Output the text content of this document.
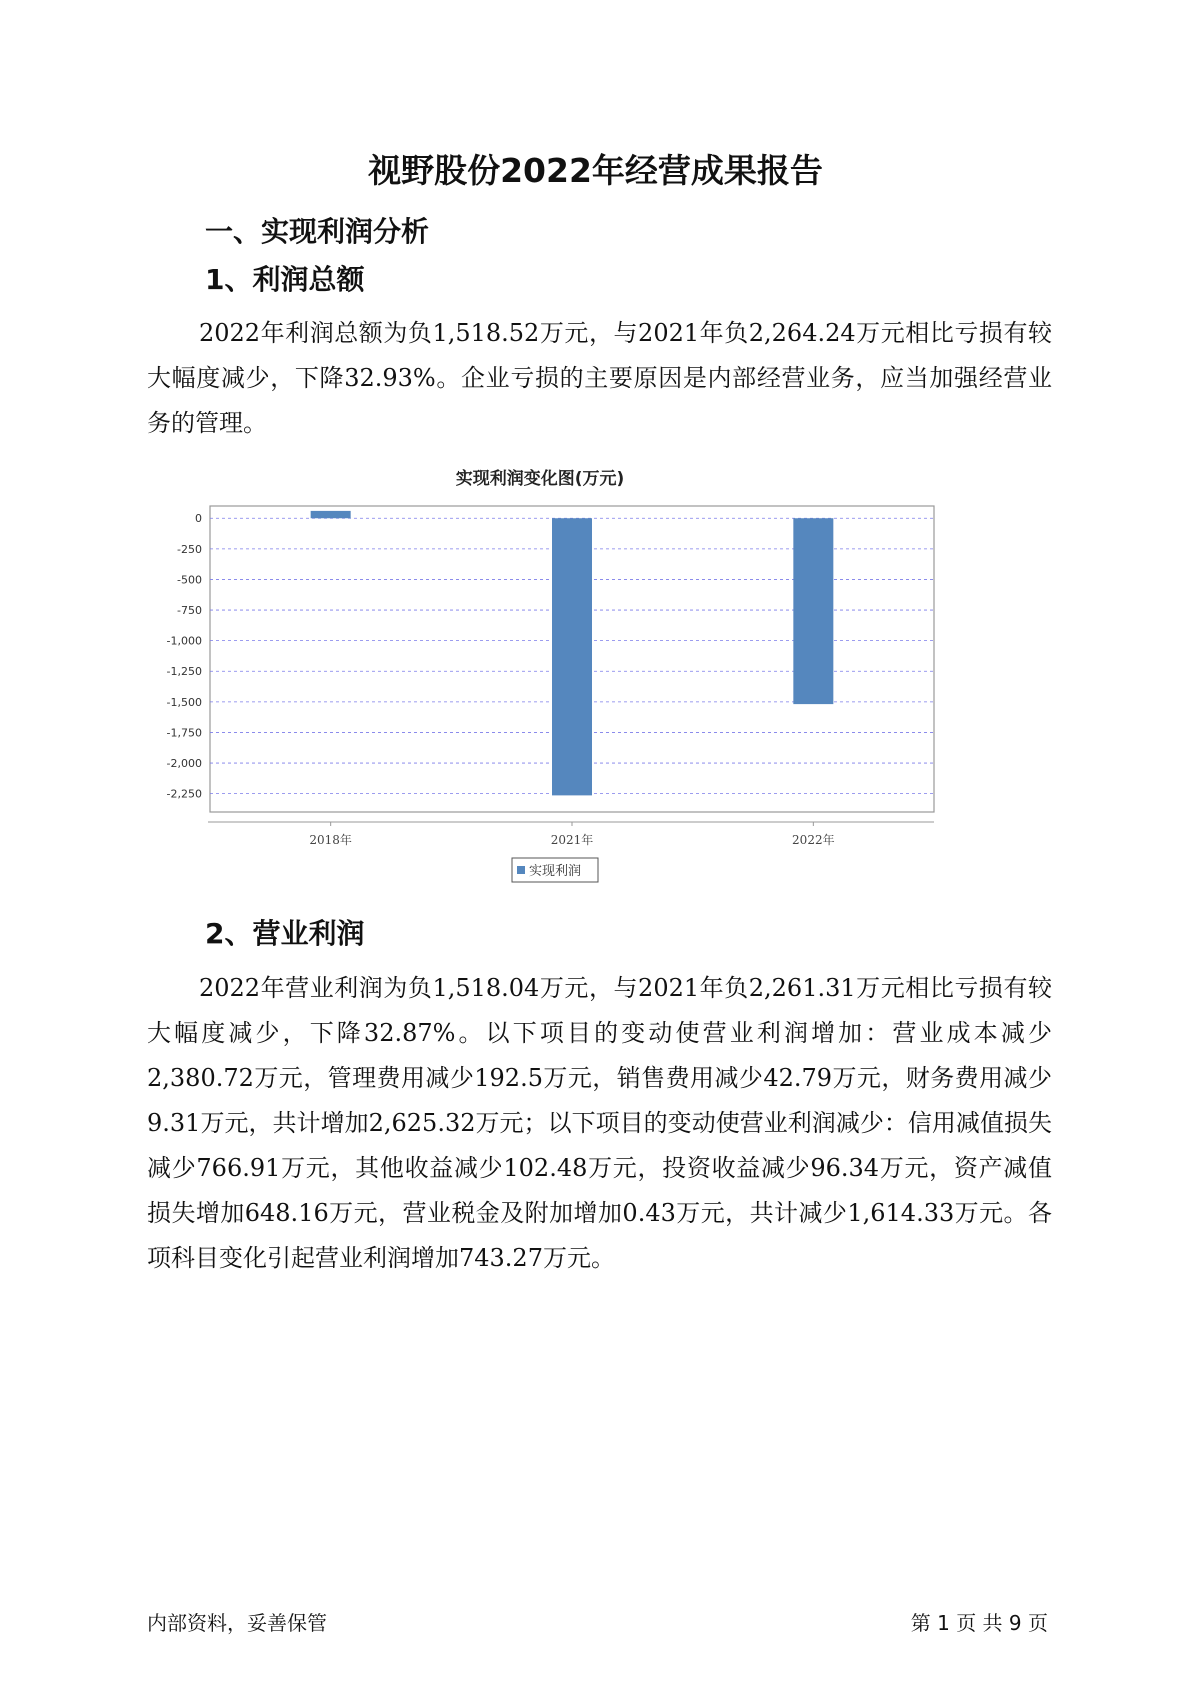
视野股份2022年经营成果报告
一、实现利润分析
1、利润总额

2022年利润总额为负1,518.52万元，与2021年负2,264.24万元相比亏损有较大幅度减少，下降32.93%。企业亏损的主要原因是内部经营业务，应当加强经营业务的管理。

实现利润变化图(万元)
0
-250
-500
-750
-1,000
-1,250
-1,500
-1,750
-2,000
-2,250
2018年	2021年	2022年
实现利润
2、营业利润

2022年营业利润为负1,518.04万元，与2021年负2,261.31万元相比亏损有较大幅度减少，下降32.87%。以下项目的变动使营业利润增加：营业成本减少2,380.72万元，管理费用减少192.5万元，销售费用减少42.79万元，财务费用减少9.31万元，共计增加2,625.32万元；以下项目的变动使营业利润减少：信用减值损失减少766.91万元，其他收益减少102.48万元，投资收益减少96.34万元，资产减值损失增加648.16万元，营业税金及附加增加0.43万元，共计减少1,614.33万元。各项科目变化引起营业利润增加743.27万元。

内部资料，妥善保管	第 1 页 共 9 页
